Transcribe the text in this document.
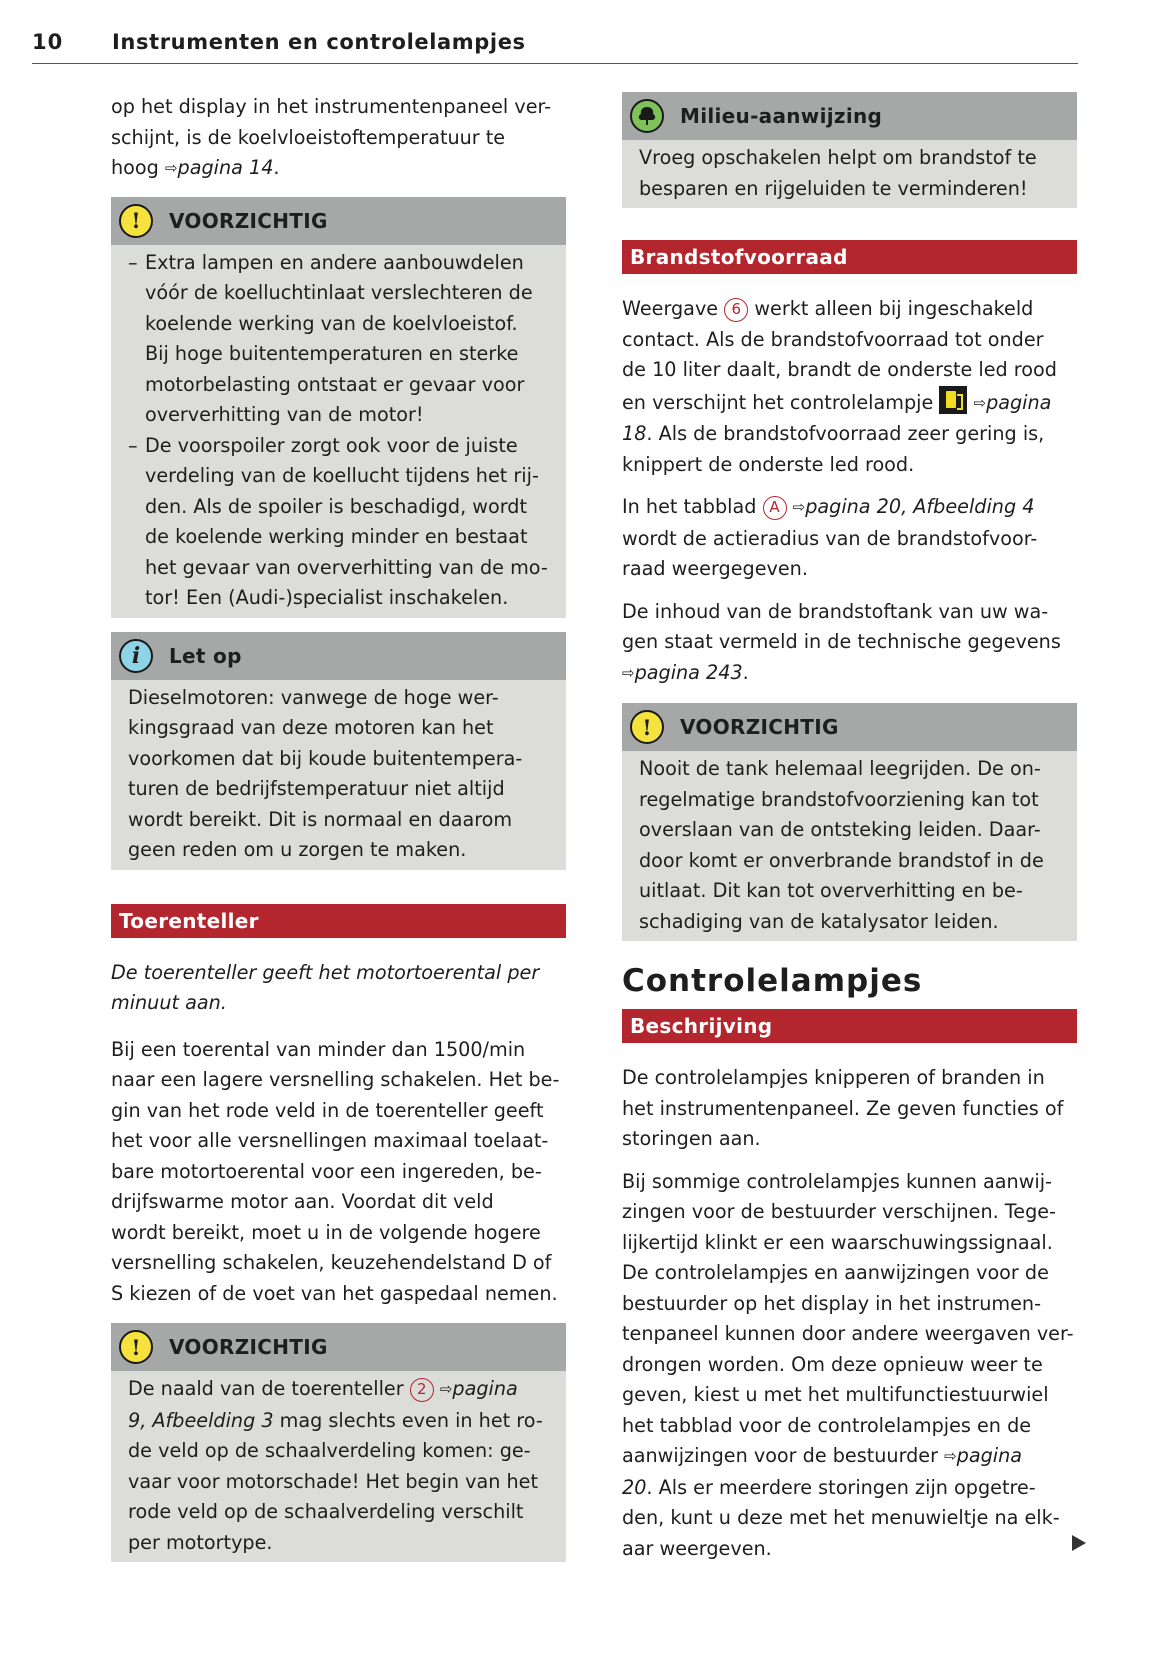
10 Instrumenten en controlelampjes

op het display in het instrumentenpaneel ver-

schijnt, is de koelvloeistoftemperatuur te

hoog ⇨pagina 14.

!	VOORZICHTIG
– Extra lampen en andere aanbouwdelen

vóór de koelluchtinlaat verslechteren de

koelende werking van de koelvloeistof.

Bij hoge buitentemperaturen en sterke

motorbelasting ontstaat er gevaar voor

oververhitting van de motor!

– De voorspoiler zorgt ook voor de juiste

verdeling van de koellucht tijdens het rij-

den. Als de spoiler is beschadigd, wordt

de koelende werking minder en bestaat

het gevaar van oververhitting van de mo-

tor! Een (Audi-)specialist inschakelen.

i	Let op

Dieselmotoren: vanwege de hoge wer-

kingsgraad van deze motoren kan het

voorkomen dat bij koude buitentempera-

turen de bedrijfstemperatuur niet altijd

wordt bereikt. Dit is normaal en daarom

geen reden om u zorgen te maken.

Toerenteller

De toerenteller geeft het motortoerental per

minuut aan.

Bij een toerental van minder dan 1500/min

naar een lagere versnelling schakelen. Het be-

gin van het rode veld in de toerenteller geeft

het voor alle versnellingen maximaal toelaat-

bare motortoerental voor een ingereden, be-

drijfswarme motor aan. Voordat dit veld

wordt bereikt, moet u in de volgende hogere

versnelling schakelen, keuzehendelstand D of

S kiezen of de voet van het gaspedaal nemen.

!	VOORZICHTIG

De naald van de toerenteller 2 ⇨pagina

9, Afbeelding 3 mag slechts even in het ro-

de veld op de schaalverdeling komen: ge-

vaar voor motorschade! Het begin van het

rode veld op de schaalverdeling verschilt

per motortype.

Milieu-aanwijzing

Vroeg opschakelen helpt om brandstof te

besparen en rijgeluiden te verminderen!

Brandstofvoorraad

Weergave 6 werkt alleen bij ingeschakeld

contact. Als de brandstofvoorraad tot onder

de 10 liter daalt, brandt de onderste led rood

en verschijnt het controlelampje  ⇨pagina

18. Als de brandstofvoorraad zeer gering is,

knippert de onderste led rood.

In het tabblad A ⇨pagina 20, Afbeelding 4

wordt de actieradius van de brandstofvoor-

raad weergegeven.

De inhoud van de brandstoftank van uw wa-

gen staat vermeld in de technische gegevens

⇨pagina 243.

!	VOORZICHTIG

Nooit de tank helemaal leegrijden. De on-

regelmatige brandstofvoorziening kan tot

overslaan van de ontsteking leiden. Daar-

door komt er onverbrande brandstof in de

uitlaat. Dit kan tot oververhitting en be-

schadiging van de katalysator leiden.

Controlelampjes
Beschrijving

De controlelampjes knipperen of branden in

het instrumentenpaneel. Ze geven functies of

storingen aan.

Bij sommige controlelampjes kunnen aanwij-

zingen voor de bestuurder verschijnen. Tege-

lijkertijd klinkt er een waarschuwingssignaal.

De controlelampjes en aanwijzingen voor de

bestuurder op het display in het instrumen-

tenpaneel kunnen door andere weergaven ver-

drongen worden. Om deze opnieuw weer te

geven, kiest u met het multifunctiestuurwiel

het tabblad voor de controlelampjes en de

aanwijzingen voor de bestuurder ⇨pagina

20. Als er meerdere storingen zijn opgetre-

den, kunt u deze met het menuwieltje na elk-

aar weergeven.
